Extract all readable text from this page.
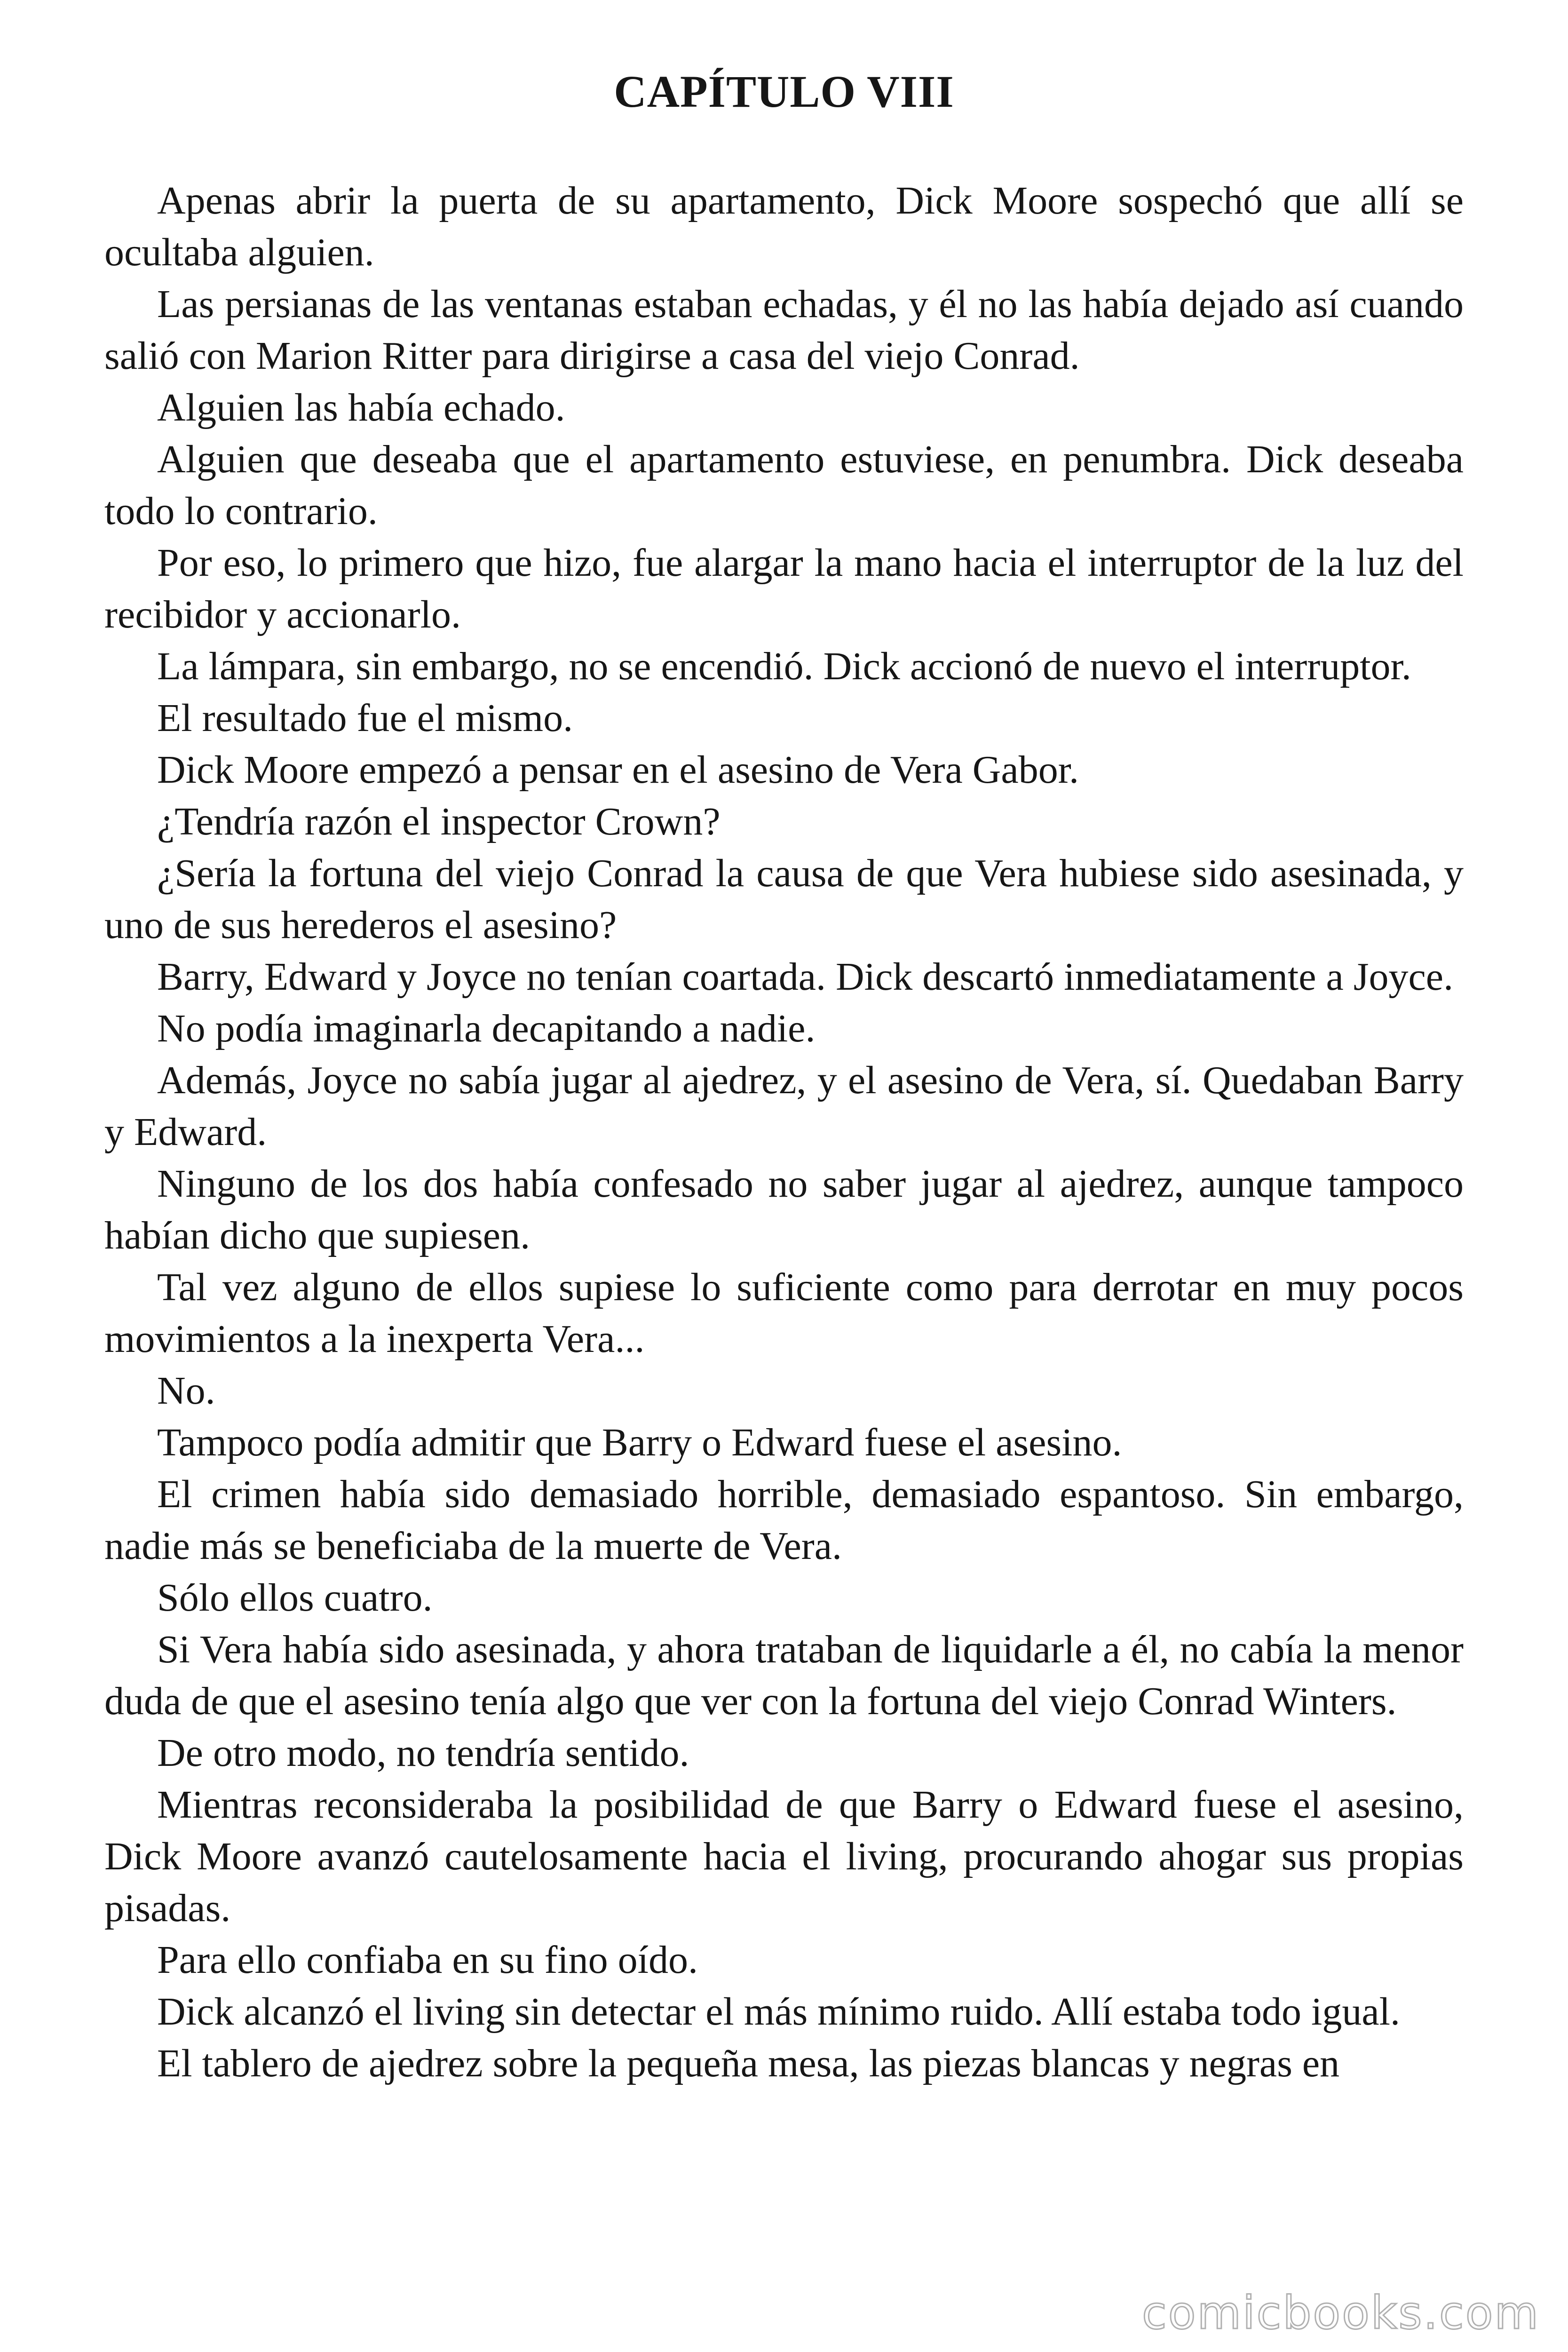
CAPÍTULO VIII

Apenas abrir la puerta de su apartamento, Dick Moore sospechó que allí se ocultaba alguien.

Las persianas de las ventanas estaban echadas, y él no las había dejado así cuando salió con Marion Ritter para dirigirse a casa del viejo Conrad.

Alguien las había echado.

Alguien que deseaba que el apartamento estuviese, en penumbra. Dick deseaba todo lo contrario.

Por eso, lo primero que hizo, fue alargar la mano hacia el interruptor de la luz del recibidor y accionarlo.

La lámpara, sin embargo, no se encendió. Dick accionó de nuevo el interruptor.

El resultado fue el mismo.

Dick Moore empezó a pensar en el asesino de Vera Gabor.

¿Tendría razón el inspector Crown?

¿Sería la fortuna del viejo Conrad la causa de que Vera hubiese sido asesinada, y uno de sus herederos el asesino?

Barry, Edward y Joyce no tenían coartada. Dick descartó inmediatamente a Joyce.

No podía imaginarla decapitando a nadie.

Además, Joyce no sabía jugar al ajedrez, y el asesino de Vera, sí. Quedaban Barry y Edward.

Ninguno de los dos había confesado no saber jugar al ajedrez, aunque tampoco habían dicho que supiesen.

Tal vez alguno de ellos supiese lo suficiente como para derrotar en muy pocos movimientos a la inexperta Vera...

No.

Tampoco podía admitir que Barry o Edward fuese el asesino.

El crimen había sido demasiado horrible, demasiado espantoso. Sin embargo, nadie más se beneficiaba de la muerte de Vera.

Sólo ellos cuatro.

Si Vera había sido asesinada, y ahora trataban de liquidarle a él, no cabía la menor duda de que el asesino tenía algo que ver con la fortuna del viejo Conrad Winters.

De otro modo, no tendría sentido.

Mientras reconsideraba la posibilidad de que Barry o Edward fuese el asesino, Dick Moore avanzó cautelosamente hacia el living, procurando ahogar sus propias pisadas.

Para ello confiaba en su fino oído.

Dick alcanzó el living sin detectar el más mínimo ruido. Allí estaba todo igual.

El tablero de ajedrez sobre la pequeña mesa, las piezas blancas y negras en

comicbooks.com
